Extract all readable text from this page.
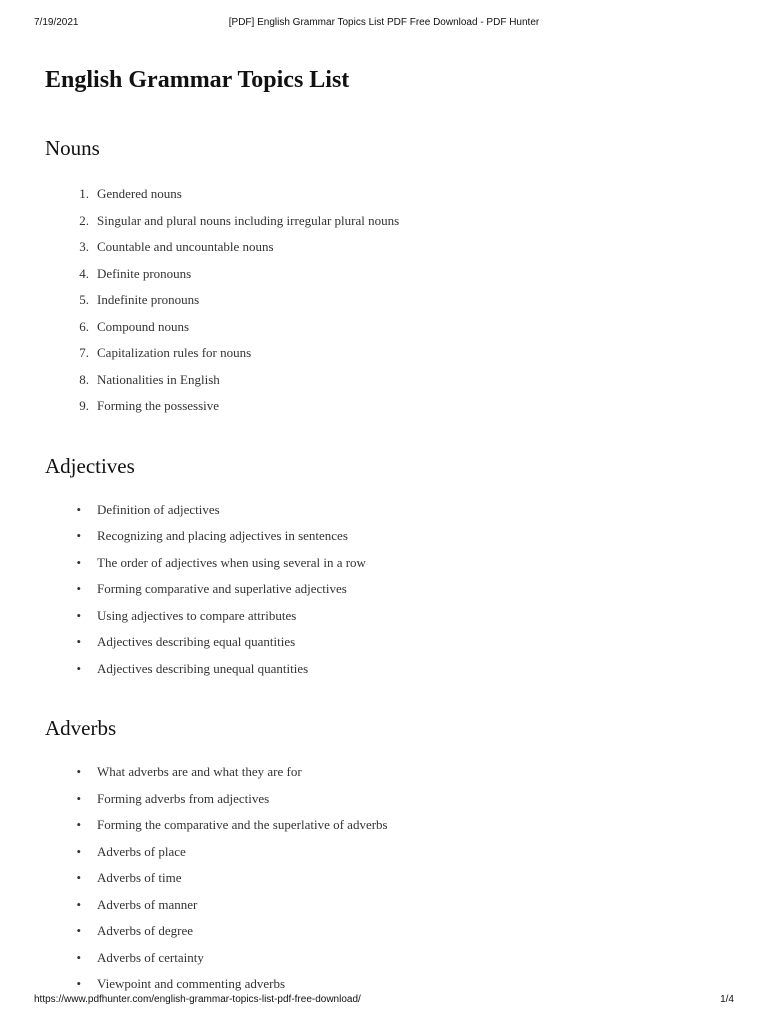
7/19/2021	[PDF] English Grammar Topics List PDF Free Download - PDF Hunter
English Grammar Topics List
Nouns
1. Gendered nouns
2. Singular and plural nouns including irregular plural nouns
3. Countable and uncountable nouns
4. Definite pronouns
5. Indefinite pronouns
6. Compound nouns
7. Capitalization rules for nouns
8. Nationalities in English
9. Forming the possessive
Adjectives
• Definition of adjectives
• Recognizing and placing adjectives in sentences
• The order of adjectives when using several in a row
• Forming comparative and superlative adjectives
• Using adjectives to compare attributes
• Adjectives describing equal quantities
• Adjectives describing unequal quantities
Adverbs
• What adverbs are and what they are for
• Forming adverbs from adjectives
• Forming the comparative and the superlative of adverbs
• Adverbs of place
• Adverbs of time
• Adverbs of manner
• Adverbs of degree
• Adverbs of certainty
• Viewpoint and commenting adverbs
https://www.pdfhunter.com/english-grammar-topics-list-pdf-free-download/	1/4
